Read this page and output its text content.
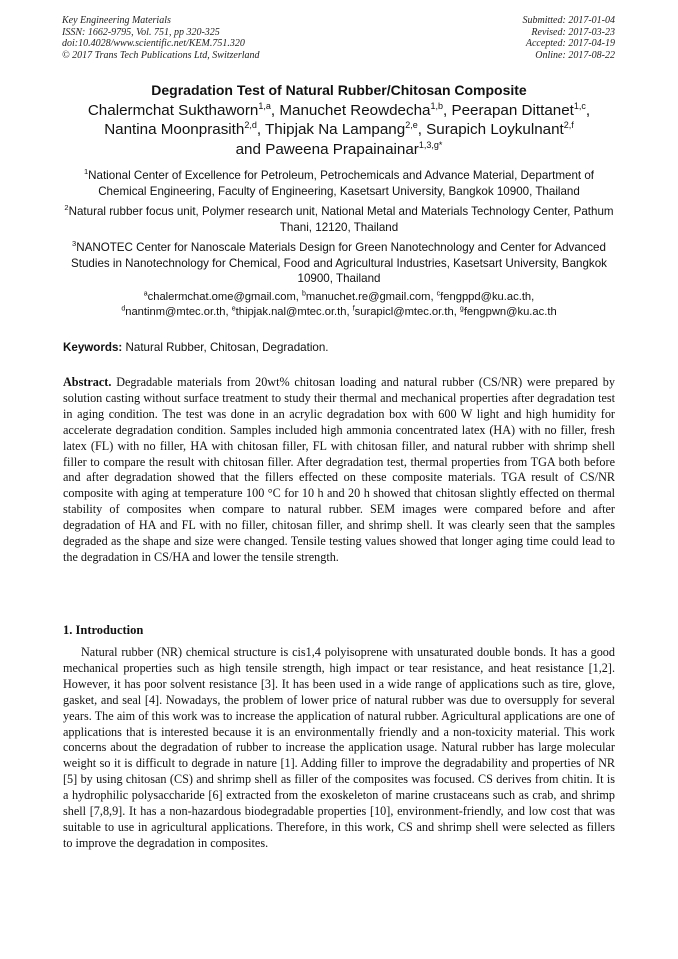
Key Engineering Materials
ISSN: 1662-9795, Vol. 751, pp 320-325
doi:10.4028/www.scientific.net/KEM.751.320
© 2017 Trans Tech Publications Ltd, Switzerland
Submitted: 2017-01-04
Revised: 2017-03-23
Accepted: 2017-04-19
Online: 2017-08-22
Degradation Test of Natural Rubber/Chitosan Composite
Chalermchat Sukthaworn$^{1,a}$, Manuchet Reowdecha$^{1,b}$, Peerapan Dittanet$^{1,c}$,
Nantina Moonprasith$^{2,d}$, Thipjak Na Lampang$^{2,e}$, Surapich Loykulnant$^{2,f}$
and Paweena Prapainainar$^{1,3,g*}$
$^1$National Center of Excellence for Petroleum, Petrochemicals and Advance Material, Department of Chemical Engineering, Faculty of Engineering, Kasetsart University, Bangkok 10900, Thailand
$^2$Natural rubber focus unit, Polymer research unit, National Metal and Materials Technology Center, Pathum Thani, 12120, Thailand
$^3$NANOTEC Center for Nanoscale Materials Design for Green Nanotechnology and Center for Advanced Studies in Nanotechnology for Chemical, Food and Agricultural Industries, Kasetsart University, Bangkok 10900, Thailand
$^a$chalermchat.ome@gmail.com, $^b$manuchet.re@gmail.com, $^c$fengppd@ku.ac.th,
$^d$nantinm@mtec.or.th, $^e$thipjak.nal@mtec.or.th, $^f$surapicl@mtec.or.th, $^g$fengpwn@ku.ac.th
Keywords: Natural Rubber, Chitosan, Degradation.
Abstract. Degradable materials from 20wt% chitosan loading and natural rubber (CS/NR) were prepared by solution casting without surface treatment to study their thermal and mechanical properties after degradation test in aging condition. The test was done in an acrylic degradation box with 600 W light and high humidity for accelerate degradation condition. Samples included high ammonia concentrated latex (HA) with no filler, fresh latex (FL) with no filler, HA with chitosan filler, FL with chitosan filler, and natural rubber with shrimp shell filler to compare the result with chitosan filler. After degradation test, thermal properties from TGA both before and after degradation showed that the fillers effected on these composite materials. TGA result of CS/NR composite with aging at temperature 100 °C for 10 h and 20 h showed that chitosan slightly effected on thermal stability of composites when compare to natural rubber. SEM images were compared before and after degradation of HA and FL with no filler, chitosan filler, and shrimp shell. It was clearly seen that the samples degraded as the shape and size were changed. Tensile testing values showed that longer aging time could lead to the degradation in CS/HA and lower the tensile strength.
1. Introduction
Natural rubber (NR) chemical structure is cis1,4 polyisoprene with unsaturated double bonds. It has a good mechanical properties such as high tensile strength, high impact or tear resistance, and heat resistance [1,2]. However, it has poor solvent resistance [3]. It has been used in a wide range of applications such as tire, glove, gasket, and seal [4]. Nowadays, the problem of lower price of natural rubber was due to oversupply for several years. The aim of this work was to increase the application of natural rubber. Agricultural applications are one of applications that is interested because it is an environmentally friendly and a non-toxicity material. This work concerns about the degradation of rubber to increase the application usage. Natural rubber has large molecular weight so it is difficult to degrade in nature [1]. Adding filler to improve the degradability and properties of NR [5] by using chitosan (CS) and shrimp shell as filler of the composites was focused. CS derives from chitin. It is a hydrophilic polysaccharide [6] extracted from the exoskeleton of marine crustaceans such as crab, and shrimp shell [7,8,9]. It has a non-hazardous biodegradable properties [10], environment-friendly, and low cost that was suitable to use in agricultural applications. Therefore, in this work, CS and shrimp shell were selected as fillers to improve the degradation in composites.
